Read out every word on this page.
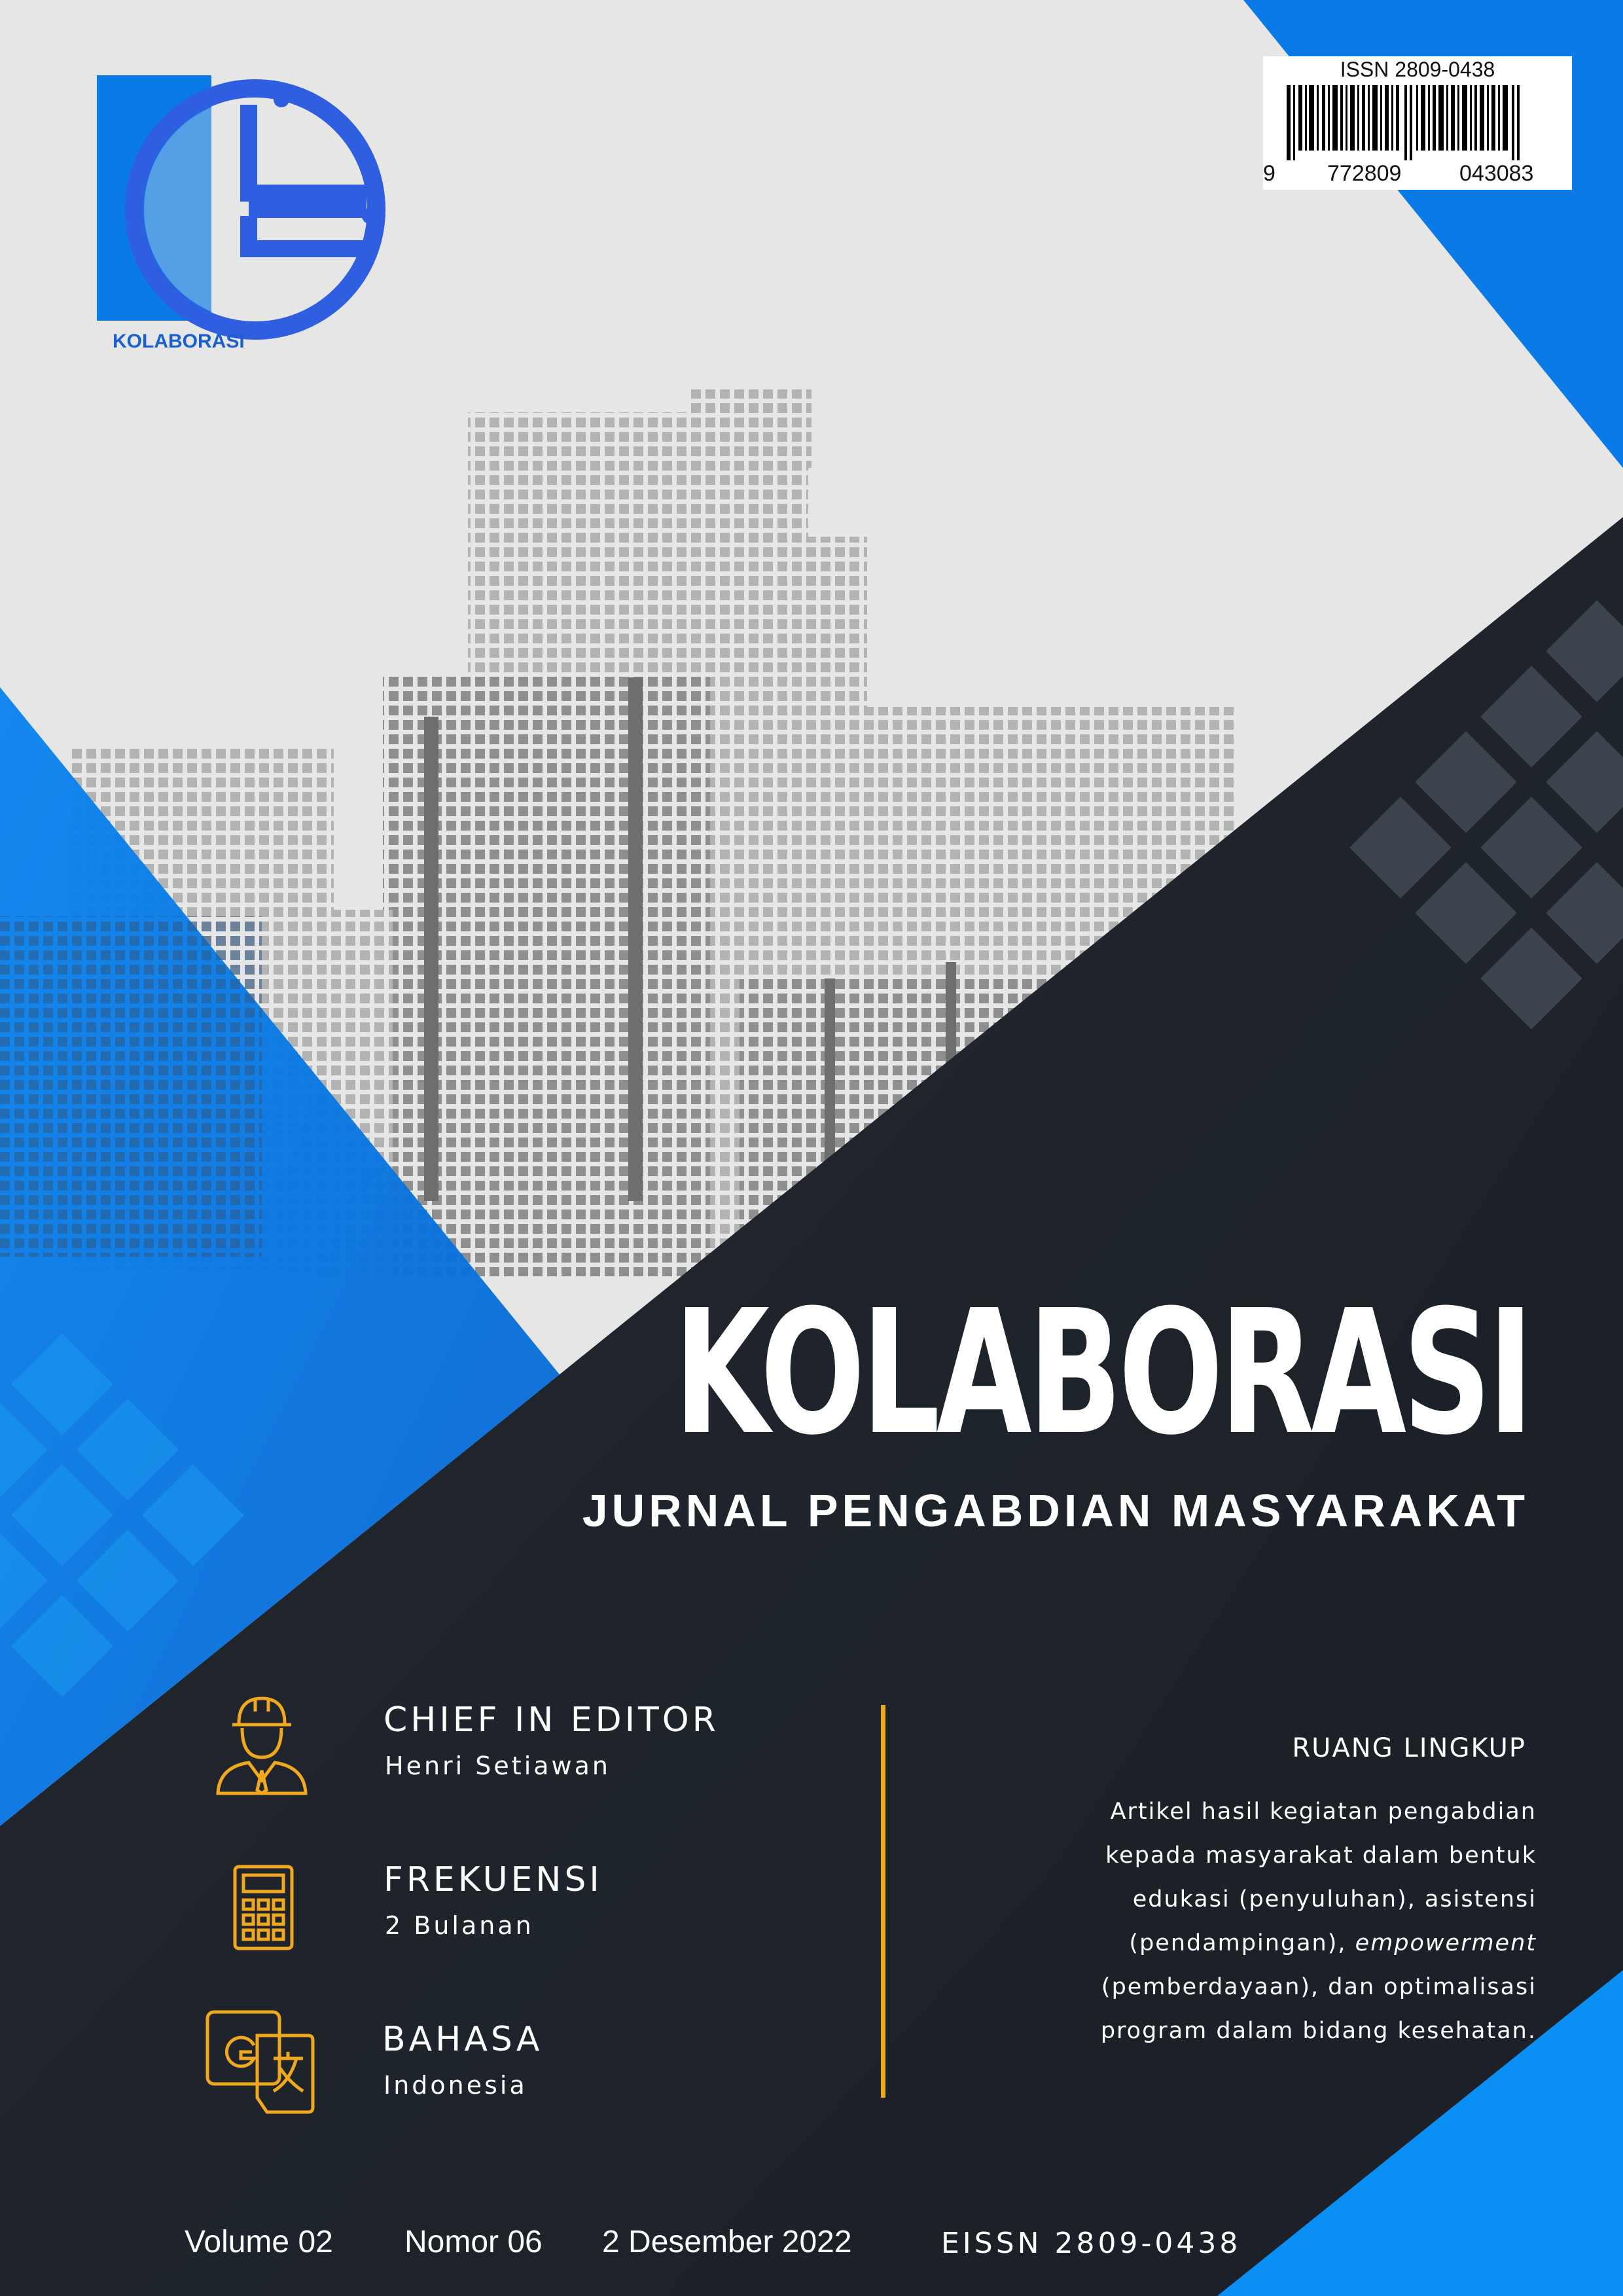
KOLABORASI
ISSN 2809-0438
9 772809	043083
KOLABORASI
JURNAL PENGABDIAN MASYARAKAT
CHIEF IN EDITOR
Henri Setiawan
FREKUENSI
2 Bulanan
BAHASA
Indonesia
RUANG LINGKUP
Artikel hasil kegiatan pengabdian
kepada masyarakat dalam bentuk
edukasi (penyuluhan), asistensi
(pendampingan), empowerment
(pemberdayaan), dan optimalisasi
program dalam bidang kesehatan.
Volume 02 Nomor 06 2 Desember 2022	EISSN 2809-0438
